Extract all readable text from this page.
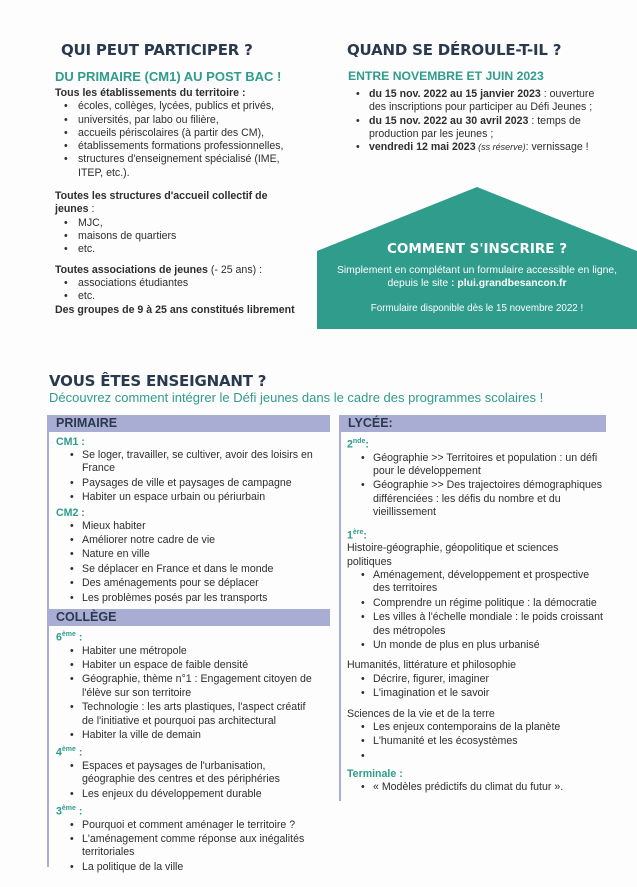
QUI PEUT PARTICIPER ?
DU PRIMAIRE (CM1) AU POST BAC !
Tous les établissements du territoire :
• écoles, collèges, lycées, publics et privés,
• universités, par labo ou filière,
• accueils périscolaires (à partir des CM),
• établissements formations professionnelles,
• structures d'enseignement spécialisé (IME, ITEP, etc.).
Toutes les structures d'accueil collectif de jeunes :
• MJC,
• maisons de quartiers
• etc.
Toutes associations de jeunes (- 25 ans) :
• associations étudiantes
• etc.
Des groupes de 9 à 25 ans constitués librement
QUAND SE DÉROULE-T-IL ?
ENTRE NOVEMBRE ET JUIN 2023
• du 15 nov. 2022 au 15 janvier 2023 : ouverture des inscriptions pour participer au Défi Jeunes ;
• du 15 nov. 2022 au 30 avril 2023 : temps de production par les jeunes ;
• vendredi 12 mai 2023 (ss réserve): vernissage !
COMMENT S'INSCRIRE ?
Simplement en complétant un formulaire accessible en ligne, depuis le site : plui.grandbesancon.fr
Formulaire disponible dès le 15 novembre 2022 !
VOUS ÊTES ENSEIGNANT ?
Découvrez comment intégrer le Défi jeunes dans le cadre des programmes scolaires !
PRIMAIRE
CM1 :
• Se loger, travailler, se cultiver, avoir des loisirs en France
• Paysages de ville et paysages de campagne
• Habiter un espace urbain ou périurbain
CM2 :
• Mieux habiter
• Améliorer notre cadre de vie
• Nature en ville
• Se déplacer en France et dans le monde
• Des aménagements pour se déplacer
• Les problèmes posés par les transports
COLLÈGE
6ème :
• Habiter une métropole
• Habiter un espace de faible densité
• Géographie, thème n°1 : Engagement citoyen de l'élève sur son territoire
• Technologie : les arts plastiques, l'aspect créatif de l'initiative et pourquoi pas architectural
• Habiter la ville de demain
4ème :
• Espaces et paysages de l'urbanisation, géographie des centres et des périphéries
• Les enjeux du développement durable
3ème :
• Pourquoi et comment aménager le territoire ?
• L'aménagement comme réponse aux inégalités territoriales
• La politique de la ville
LYCÉE:
2nde:
• Géographie >> Territoires et population : un défi pour le développement
• Géographie >> Des trajectoires démographiques différenciées : les défis du nombre et du vieillissement
1ère:
Histoire-géographie, géopolitique et sciences politiques
• Aménagement, développement et prospective des territoires
• Comprendre un régime politique : la démocratie
• Les villes à l'échelle mondiale : le poids croissant des métropoles
• Un monde de plus en plus urbanisé
Humanités, littérature et philosophie
• Décrire, figurer, imaginer
• L'imagination et le savoir
Sciences de la vie et de la terre
• Les enjeux contemporains de la planète
• L'humanité et les écosystèmes
•
Terminale :
• « Modèles prédictifs du climat du futur ».
